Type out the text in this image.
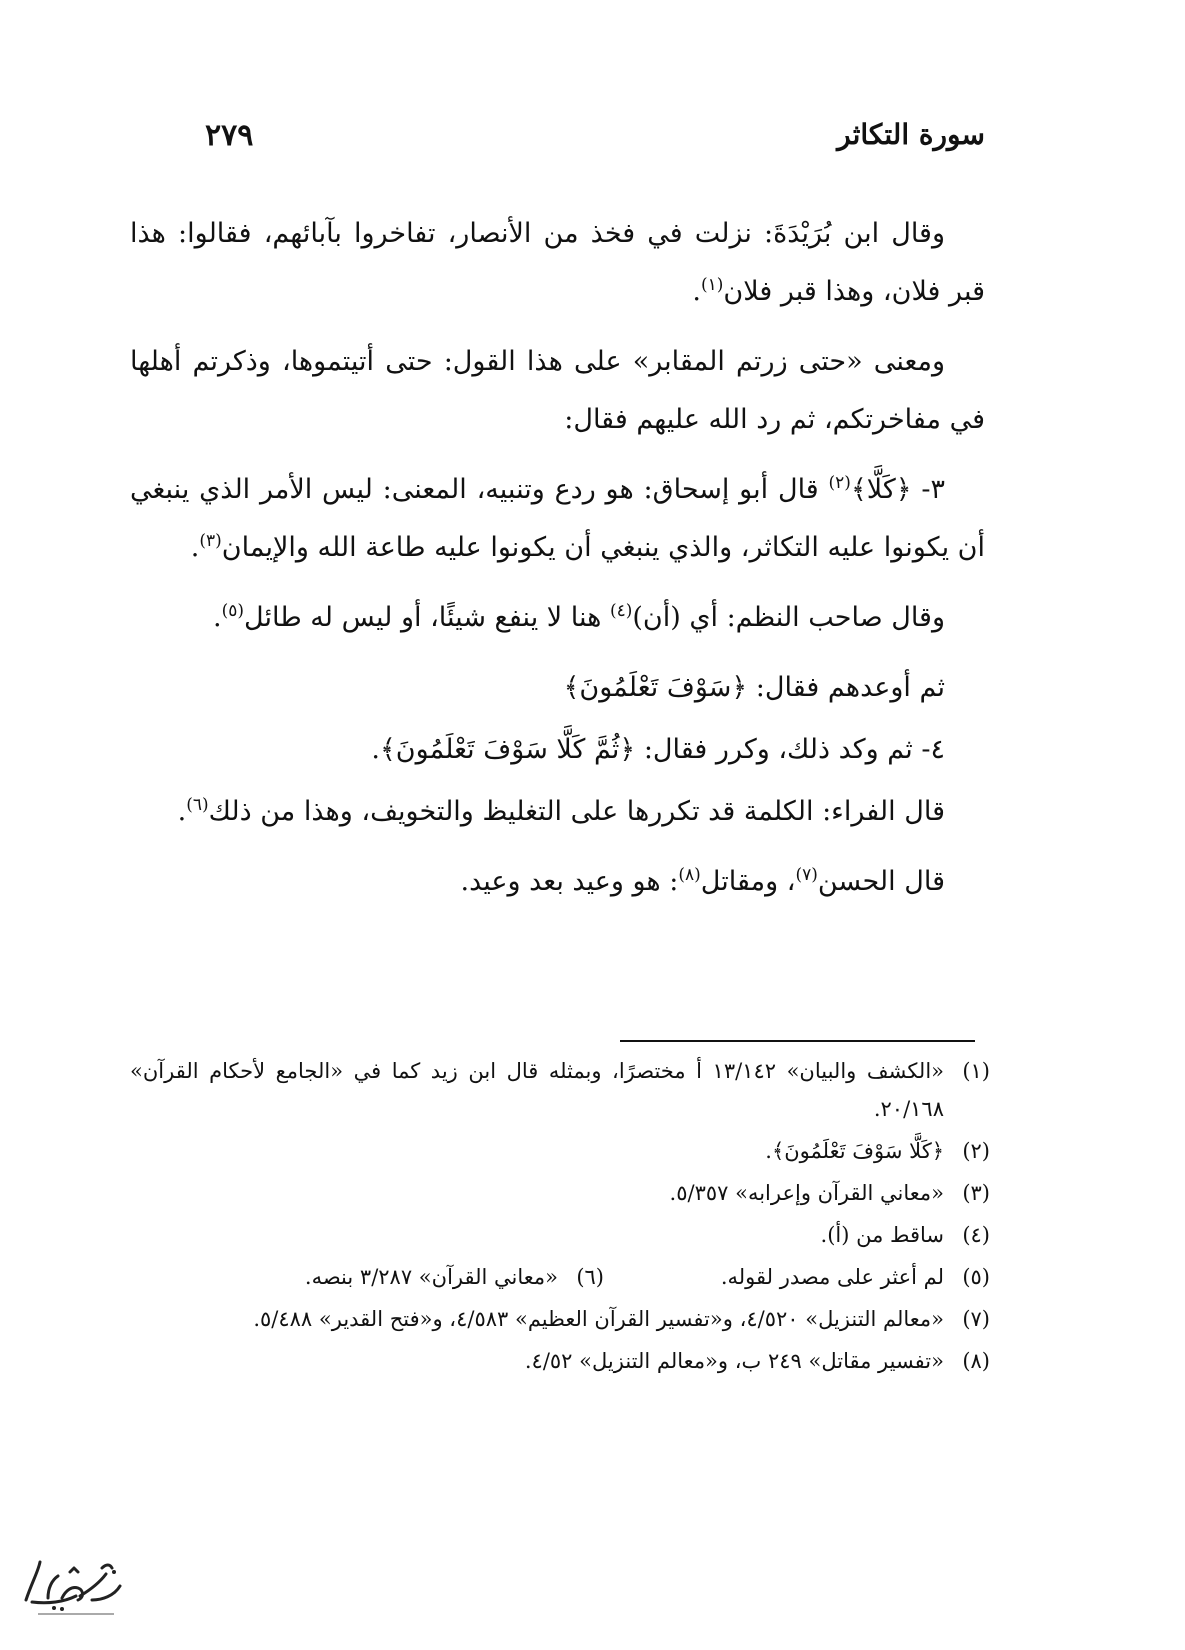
سورة التكاثر
٢٧٩

وقال ابن بُرَيْدَةَ: نزلت في فخذ من الأنصار، تفاخروا بآبائهم، فقالوا: هذا قبر فلان، وهذا قبر فلان$^{(١)}$.

ومعنى «حتى زرتم المقابر» على هذا القول: حتى أتيتموها، وذكرتم أهلها في مفاخرتكم، ثم رد الله عليهم فقال:

٣- ﴿كَلَّا﴾$^{(٢)}$ قال أبو إسحاق: هو ردع وتنبيه، المعنى: ليس الأمر الذي ينبغي أن يكونوا عليه التكاثر، والذي ينبغي أن يكونوا عليه طاعة الله والإيمان$^{(٣)}$.

وقال صاحب النظم: أي (أن)$^{(٤)}$ هنا لا ينفع شيئًا، أو ليس له طائل$^{(٥)}$.

ثم أوعدهم فقال: ﴿سَوْفَ تَعْلَمُونَ﴾

٤- ثم وكد ذلك، وكرر فقال: ﴿ثُمَّ كَلَّا سَوْفَ تَعْلَمُونَ﴾.

قال الفراء: الكلمة قد تكررها على التغليظ والتخويف، وهذا من ذلك$^{(٦)}$.

قال الحسن$^{(٧)}$، ومقاتل$^{(٨)}$: هو وعيد بعد وعيد.

(١)
«الكشف والبيان» ١٣/١٤٢ أ مختصرًا، وبمثله قال ابن زيد كما في «الجامع لأحكام القرآن» ٢٠/١٦٨.
(٢)
﴿كَلَّا سَوْفَ تَعْلَمُونَ﴾.
(٣)
«معاني القرآن وإعرابه» ٥/٣٥٧.
(٤)
ساقط من (أ).
(٥)
لم أعثر على مصدر لقوله.
(٦)
«معاني القرآن» ٣/٢٨٧ بنصه.
(٧)
«معالم التنزيل» ٤/٥٢٠، و«تفسير القرآن العظيم» ٤/٥٨٣، و«فتح القدير» ٥/٤٨٨.
(٨)
«تفسير مقاتل» ٢٤٩ ب، و«معالم التنزيل» ٤/٥٢.
